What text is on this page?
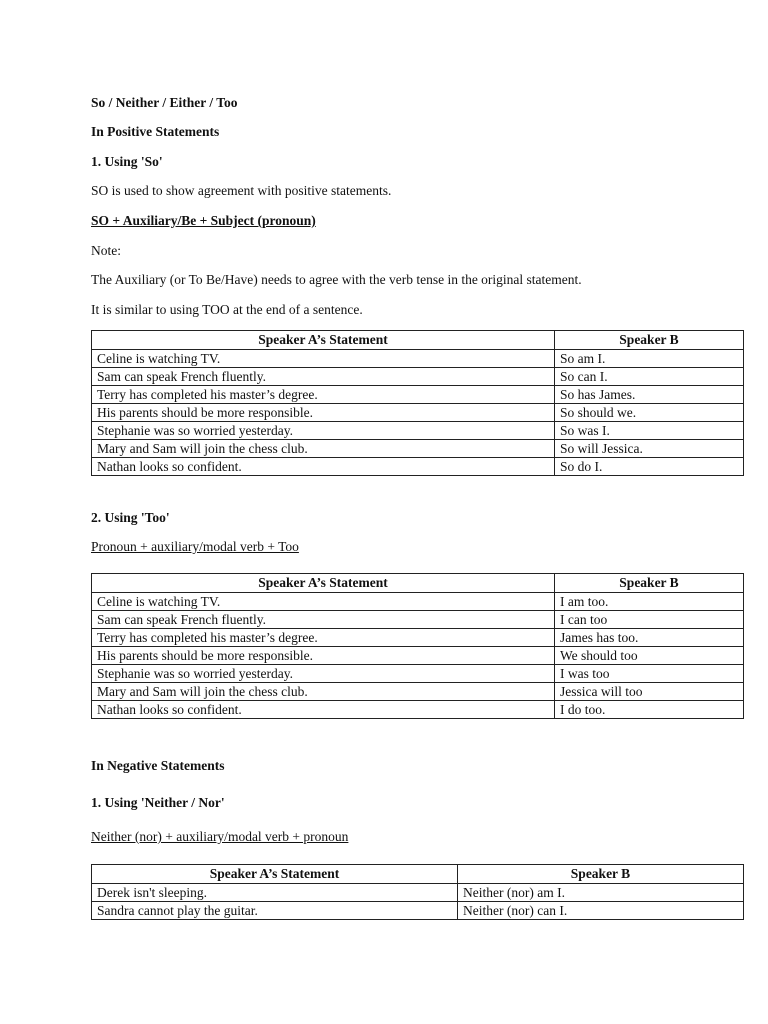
So / Neither / Either / Too
In Positive Statements
1. Using 'So'
SO is used to show agreement with positive statements.
SO + Auxiliary/Be + Subject (pronoun)
Note:
The Auxiliary (or To Be/Have) needs to agree with the verb tense in the original statement.
It is similar to using TOO at the end of a sentence.
Speaker A’s Statement	Speaker B
Celine is watching TV.	So am I.
Sam can speak French fluently.	So can I.
Terry has completed his master’s degree.	So has James.
His parents should be more responsible.	So should we.
Stephanie was so worried yesterday.	So was I.
Mary and Sam will join the chess club.	So will Jessica.
Nathan looks so confident.	So do I.
2. Using 'Too'
Pronoun + auxiliary/modal verb + Too
Speaker A’s Statement	Speaker B
Celine is watching TV.	I am too.
Sam can speak French fluently.	I can too
Terry has completed his master’s degree.	James has too.
His parents should be more responsible.	We should too
Stephanie was so worried yesterday.	I was too
Mary and Sam will join the chess club.	Jessica will too
Nathan looks so confident.	I do too.
In Negative Statements
1. Using 'Neither / Nor'
Neither (nor) + auxiliary/modal verb + pronoun
Speaker A’s Statement	Speaker B
Derek isn't sleeping.	Neither (nor) am I.
Sandra cannot play the guitar.	Neither (nor) can I.
